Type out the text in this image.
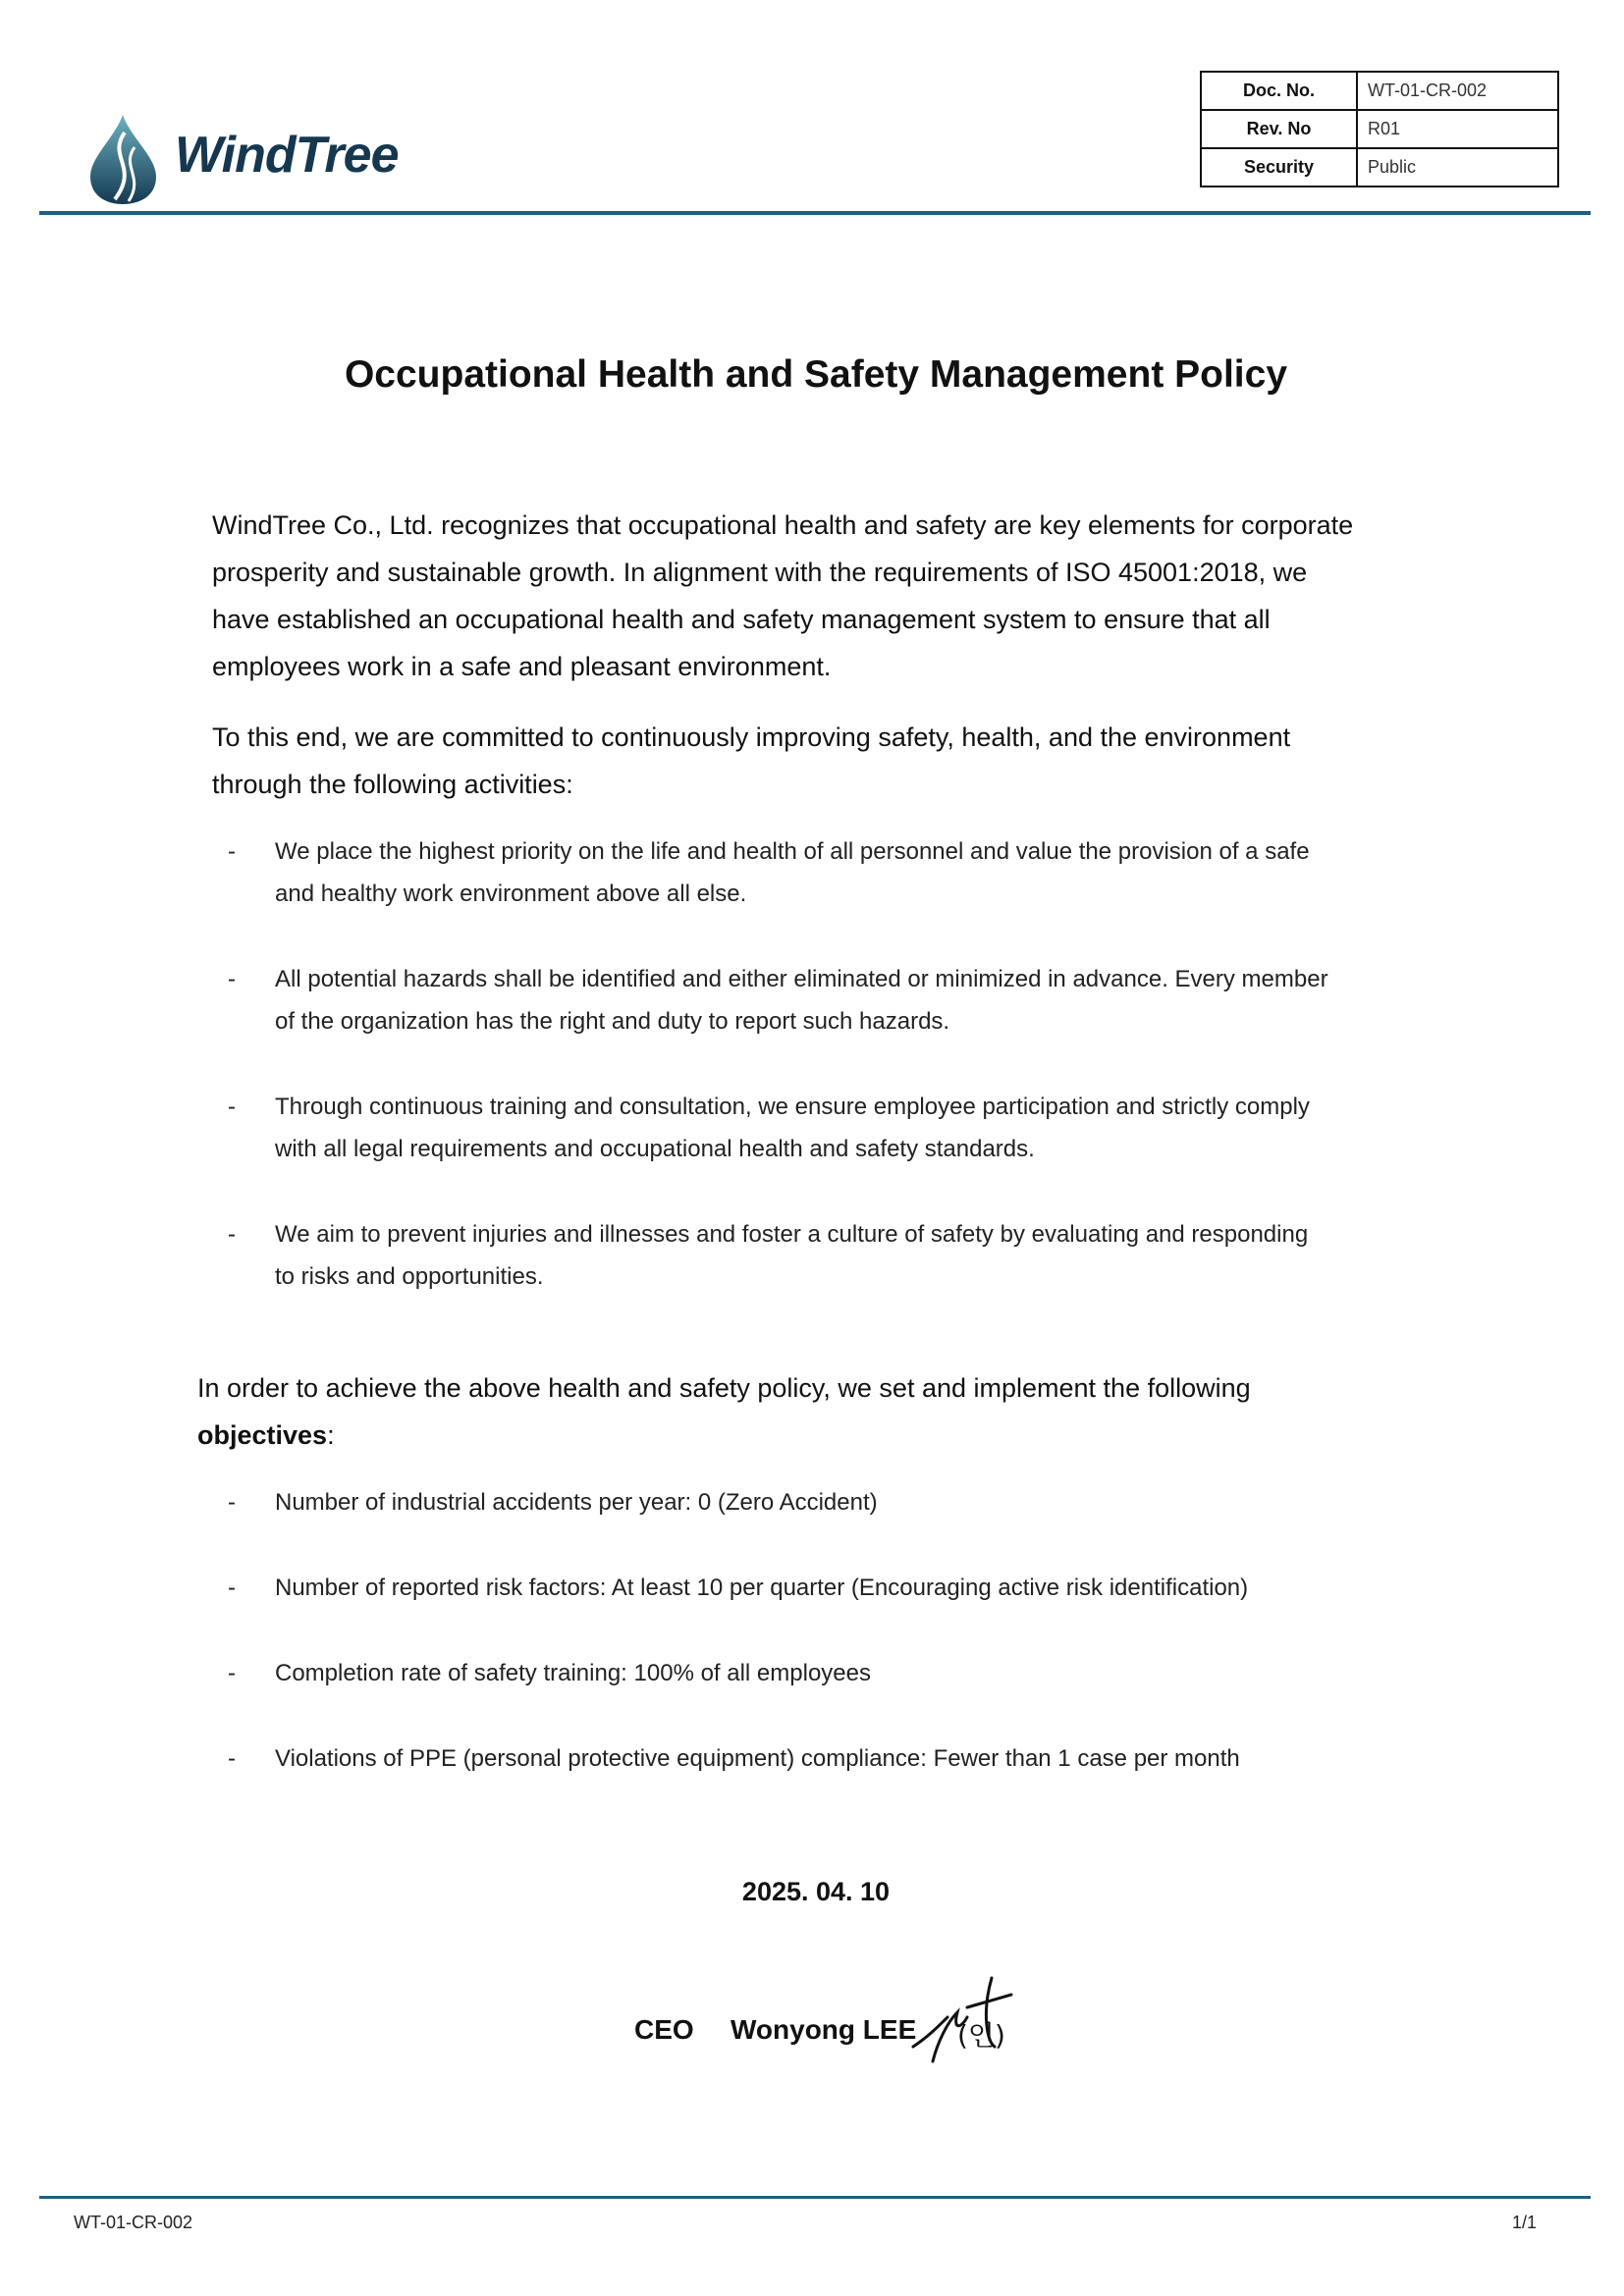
WindTree
Doc. No.	WT-01-CR-002
Rev. No	R01
Security	Public
Occupational Health and Safety Management Policy
WindTree Co., Ltd. recognizes that occupational health and safety are key elements for corporate
prosperity and sustainable growth. In alignment with the requirements of ISO 45001:2018, we
have established an occupational health and safety management system to ensure that all
employees work in a safe and pleasant environment.
To this end, we are committed to continuously improving safety, health, and the environment
through the following activities:
- We place the highest priority on the life and health of all personnel and value the provision of a safe
and healthy work environment above all else.
- All potential hazards shall be identified and either eliminated or minimized in advance. Every member
of the organization has the right and duty to report such hazards.
- Through continuous training and consultation, we ensure employee participation and strictly comply
with all legal requirements and occupational health and safety standards.
- We aim to prevent injuries and illnesses and foster a culture of safety by evaluating and responding
to risks and opportunities.
In order to achieve the above health and safety policy, we set and implement the following
objectives:
- Number of industrial accidents per year: 0 (Zero Accident)
- Number of reported risk factors: At least 10 per quarter (Encouraging active risk identification)
- Completion rate of safety training: 100% of all employees
- Violations of PPE (personal protective equipment) compliance: Fewer than 1 case per month
2025. 04. 10
CEO Wonyong LEE (인)
WT-01-CR-002	1/1
